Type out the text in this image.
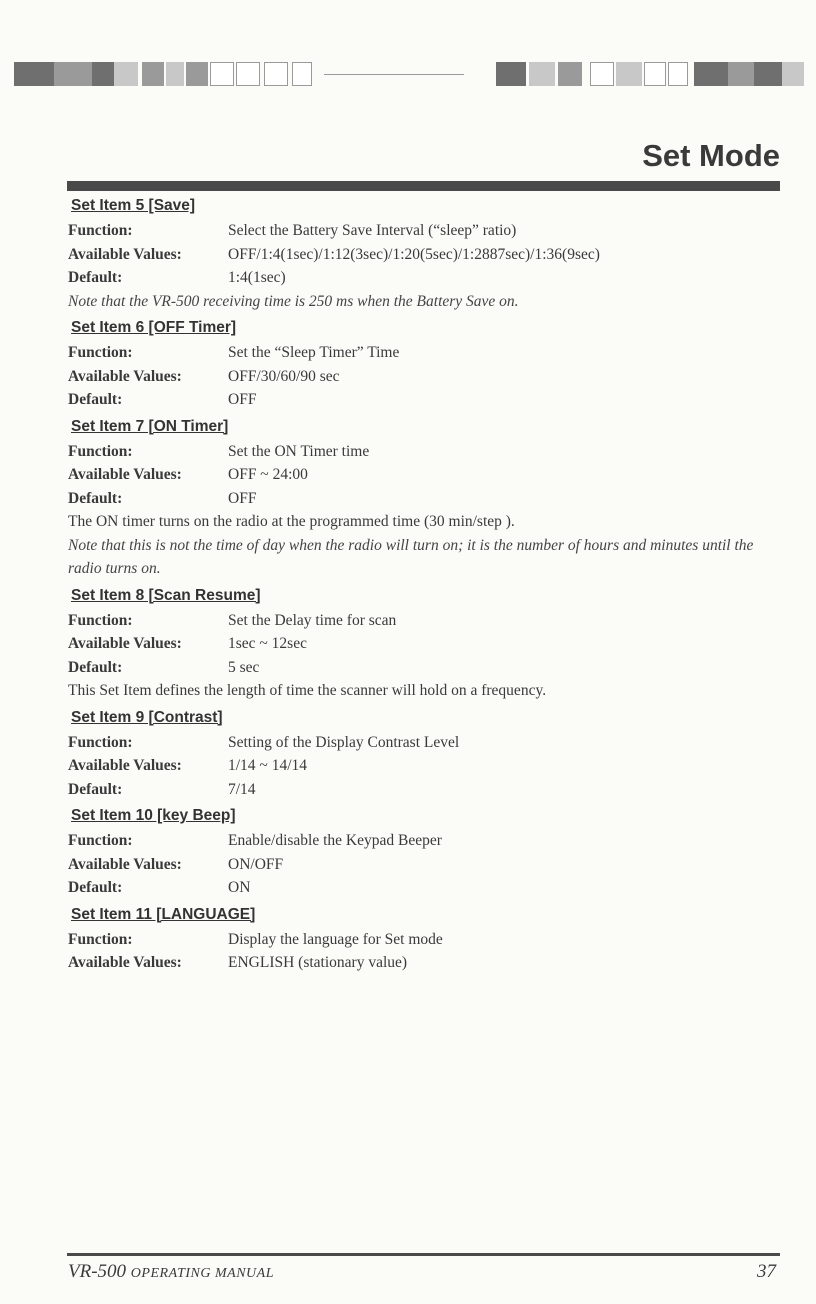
Set Mode
Set Item 5 [Save]
Function:	Select the Battery Save Interval (“sleep” ratio)
Available Values:	OFF/1:4(1sec)/1:12(3sec)/1:20(5sec)/1:2887sec)/1:36(9sec)
Default:	1:4(1sec)
Note that the VR-500 receiving time is 250 ms when the Battery Save on.
Set Item 6 [OFF Timer]
Function:	Set the “Sleep Timer” Time
Available Values:	OFF/30/60/90 sec
Default:	OFF
Set Item 7 [ON Timer]
Function:	Set the ON Timer time
Available Values:	OFF ~ 24:00
Default:	OFF
The ON timer turns on the radio at the programmed time (30 min/step ).
Note that this is not the time of day when the radio will turn on; it is the number of hours and minutes until the radio turns on.
Set Item 8 [Scan Resume]
Function:	Set the Delay time for scan
Available Values:	1sec ~ 12sec
Default:	5 sec
This Set Item defines the length of time the scanner will hold on a frequency.
Set Item 9 [Contrast]
Function:	Setting of the Display Contrast Level
Available Values:	1/14 ~ 14/14
Default:	7/14
Set Item 10 [key Beep]
Function:	Enable/disable the Keypad Beeper
Available Values:	ON/OFF
Default:	ON
Set Item 11 [LANGUAGE]
Function:	Display the language for Set mode
Available Values:	ENGLISH (stationary value)
VR-500 OPERATING MANUAL	37
